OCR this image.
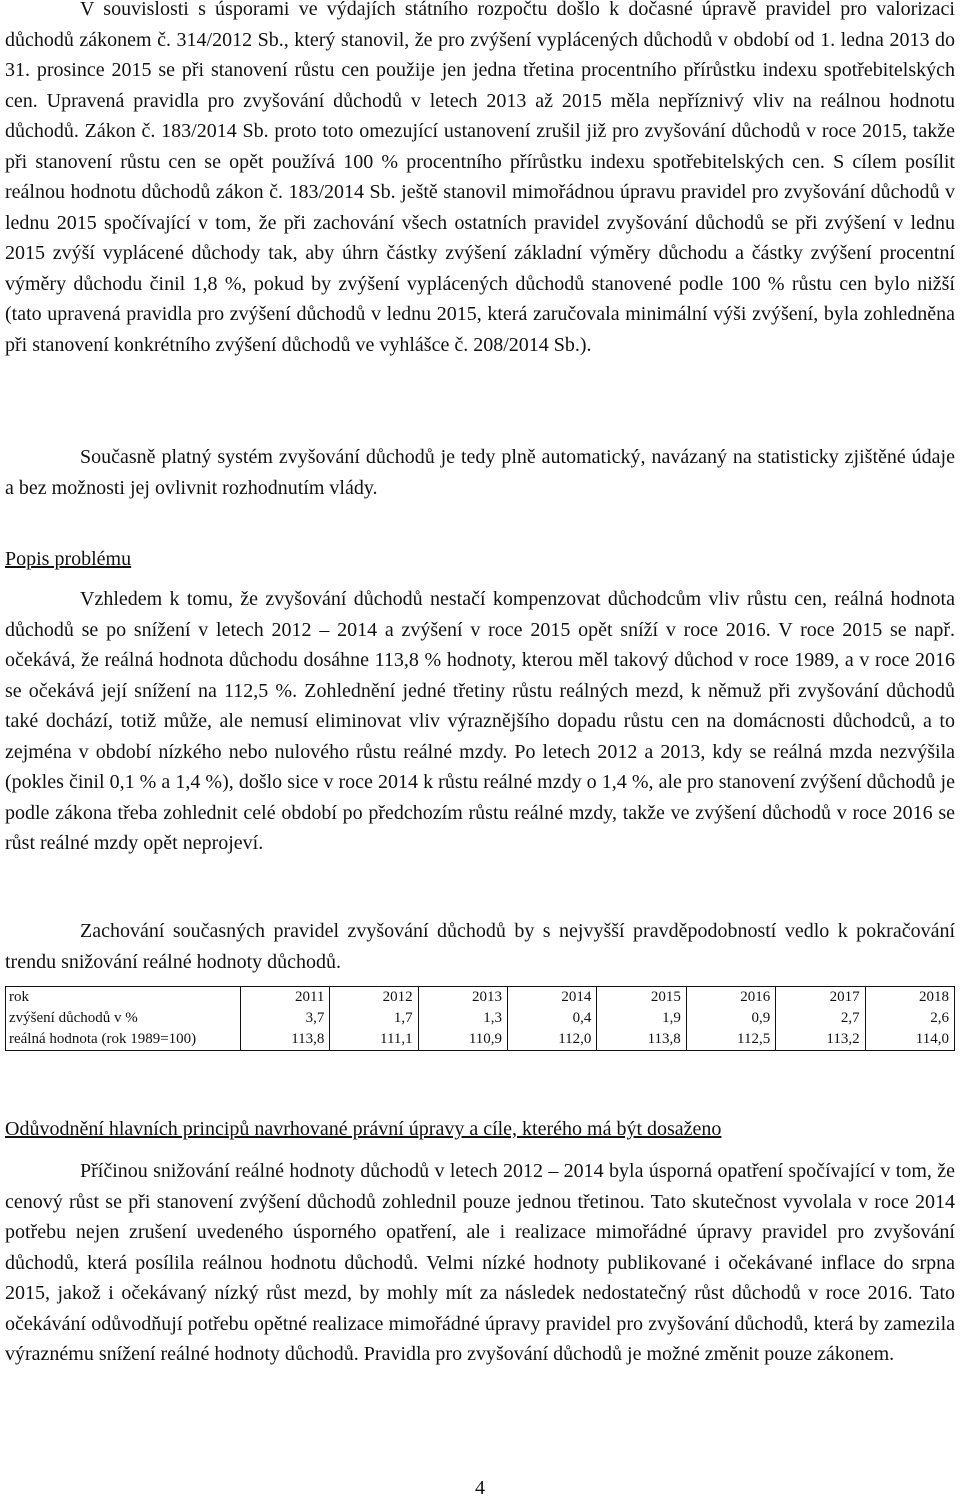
V souvislosti s úsporami ve výdajích státního rozpočtu došlo k dočasné úpravě pravidel pro valorizaci důchodů zákonem č. 314/2012 Sb., který stanovil, že pro zvýšení vyplácených důchodů v období od 1. ledna 2013 do 31. prosince 2015 se při stanovení růstu cen použije jen jedna třetina procentního přírůstku indexu spotřebitelských cen. Upravená pravidla pro zvyšování důchodů v letech 2013 až 2015 měla nepříznivý vliv na reálnou hodnotu důchodů. Zákon č. 183/2014 Sb. proto toto omezující ustanovení zrušil již pro zvyšování důchodů v roce 2015, takže při stanovení růstu cen se opět používá 100 % procentního přírůstku indexu spotřebitelských cen. S cílem posílit reálnou hodnotu důchodů zákon č. 183/2014 Sb. ještě stanovil mimořádnou úpravu pravidel pro zvyšování důchodů v lednu 2015 spočívající v tom, že při zachování všech ostatních pravidel zvyšování důchodů se při zvýšení v lednu 2015 zvýší vyplácené důchody tak, aby úhrn částky zvýšení základní výměry důchodu a částky zvýšení procentní výměry důchodu činil 1,8 %, pokud by zvýšení vyplácených důchodů stanovené podle 100 % růstu cen bylo nižší (tato upravená pravidla pro zvýšení důchodů v lednu 2015, která zaručovala minimální výši zvýšení, byla zohledněna při stanovení konkrétního zvýšení důchodů ve vyhlášce č. 208/2014 Sb.).

Současně platný systém zvyšování důchodů je tedy plně automatický, navázaný na statisticky zjištěné údaje a bez možnosti jej ovlivnit rozhodnutím vlády.

Popis problému

Vzhledem k tomu, že zvyšování důchodů nestačí kompenzovat důchodcům vliv růstu cen, reálná hodnota důchodů se po snížení v letech 2012 – 2014 a zvýšení v roce 2015 opět sníží v roce 2016. V roce 2015 se např. očekává, že reálná hodnota důchodu dosáhne 113,8 % hodnoty, kterou měl takový důchod v roce 1989, a v roce 2016 se očekává její snížení na 112,5 %. Zohlednění jedné třetiny růstu reálných mezd, k němuž při zvyšování důchodů také dochází, totiž může, ale nemusí eliminovat vliv výraznějšího dopadu růstu cen na domácnosti důchodců, a to zejména v období nízkého nebo nulového růstu reálné mzdy. Po letech 2012 a 2013, kdy se reálná mzda nezvýšila (pokles činil 0,1 % a 1,4 %), došlo sice v roce 2014 k růstu reálné mzdy o 1,4 %, ale pro stanovení zvýšení důchodů je podle zákona třeba zohlednit celé období po předchozím růstu reálné mzdy, takže ve zvýšení důchodů v roce 2016 se růst reálné mzdy opět neprojeví.

Zachování současných pravidel zvyšování důchodů by s nejvyšší pravděpodobností vedlo k pokračování trendu snižování reálné hodnoty důchodů.

rok	2011	2012	2013	2014	2015	2016	2017	2018
zvýšení důchodů v %	3,7	1,7	1,3	0,4	1,9	0,9	2,7	2,6
reálná hodnota (rok 1989=100)	113,8	111,1	110,9	112,0	113,8	112,5	113,2	114,0
Odůvodnění hlavních principů navrhované právní úpravy a cíle, kterého má být dosaženo

Příčinou snižování reálné hodnoty důchodů v letech 2012 – 2014 byla úsporná opatření spočívající v tom, že cenový růst se při stanovení zvýšení důchodů zohlednil pouze jednou třetinou. Tato skutečnost vyvolala v roce 2014 potřebu nejen zrušení uvedeného úsporného opatření, ale i realizace mimořádné úpravy pravidel pro zvyšování důchodů, která posílila reálnou hodnotu důchodů. Velmi nízké hodnoty publikované i očekávané inflace do srpna 2015, jakož i očekávaný nízký růst mezd, by mohly mít za následek nedostatečný růst důchodů v roce 2016. Tato očekávání odůvodňují potřebu opětné realizace mimořádné úpravy pravidel pro zvyšování důchodů, která by zamezila výraznému snížení reálné hodnoty důchodů. Pravidla pro zvyšování důchodů je možné změnit pouze zákonem.

4
